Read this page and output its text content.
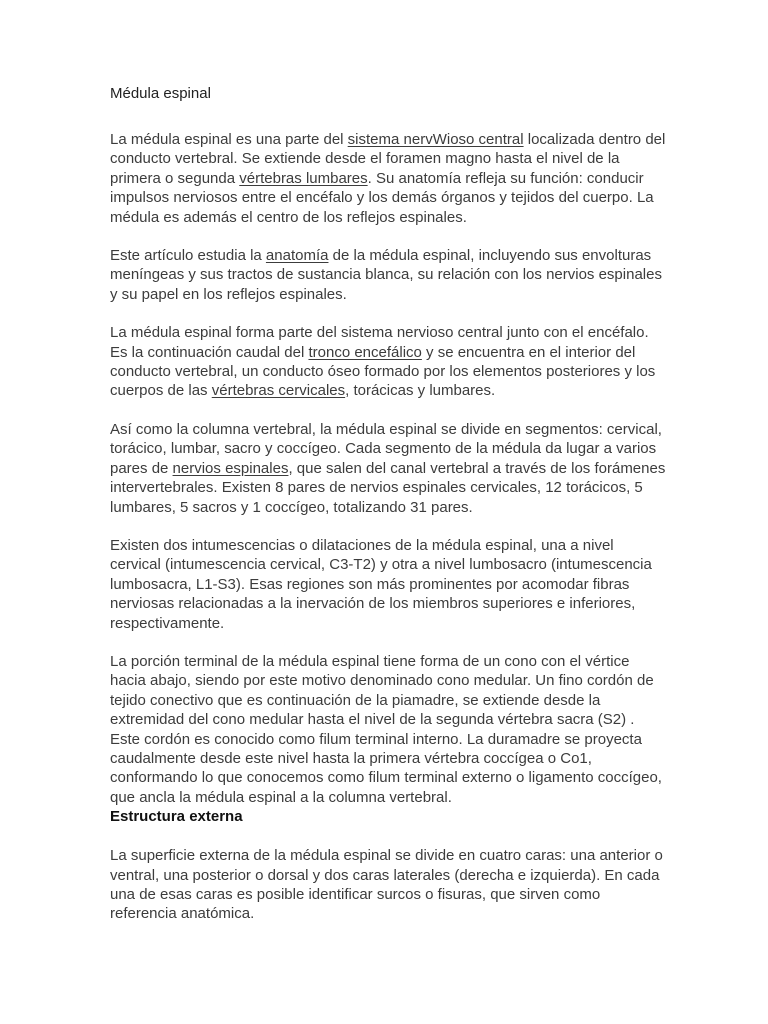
Médula espinal

La médula espinal es una parte del sistema nervWioso central localizada dentro del conducto vertebral. Se extiende desde el foramen magno hasta el nivel de la primera o segunda vértebras lumbares. Su anatomía refleja su función: conducir impulsos nerviosos entre el encéfalo y los demás órganos y tejidos del cuerpo. La médula es además el centro de los reflejos espinales.

Este artículo estudia la anatomía de la médula espinal, incluyendo sus envolturas meníngeas y sus tractos de sustancia blanca, su relación con los nervios espinales y su papel en los reflejos espinales.

La médula espinal forma parte del sistema nervioso central junto con el encéfalo. Es la continuación caudal del tronco encefálico y se encuentra en el interior del conducto vertebral, un conducto óseo formado por los elementos posteriores y los cuerpos de las vértebras cervicales, torácicas y lumbares.

Así como la columna vertebral, la médula espinal se divide en segmentos: cervical, torácico, lumbar, sacro y coccígeo. Cada segmento de la médula da lugar a varios pares de nervios espinales, que salen del canal vertebral a través de los forámenes intervertebrales. Existen 8 pares de nervios espinales cervicales, 12 torácicos, 5 lumbares, 5 sacros y 1 coccígeo, totalizando 31 pares.

Existen dos intumescencias o dilataciones de la médula espinal, una a nivel cervical (intumescencia cervical, C3-T2) y otra a nivel lumbosacro (intumescencia lumbosacra, L1-S3). Esas regiones son más prominentes por acomodar fibras nerviosas relacionadas a la inervación de los miembros superiores e inferiores, respectivamente.

La porción terminal de la médula espinal tiene forma de un cono con el vértice hacia abajo, siendo por este motivo denominado cono medular. Un fino cordón de tejido conectivo que es continuación de la piamadre, se extiende desde la extremidad del cono medular hasta el nivel de la segunda vértebra sacra (S2) . Este cordón es conocido como filum terminal interno. La duramadre se proyecta caudalmente desde este nivel hasta la primera vértebra coccígea o Co1, conformando lo que conocemos como filum terminal externo o ligamento coccígeo, que ancla la médula espinal a la columna vertebral.

Estructura externa

La superficie externa de la médula espinal se divide en cuatro caras: una anterior o ventral, una posterior o dorsal y dos caras laterales (derecha e izquierda). En cada una de esas caras es posible identificar surcos o fisuras, que sirven como referencia anatómica.
